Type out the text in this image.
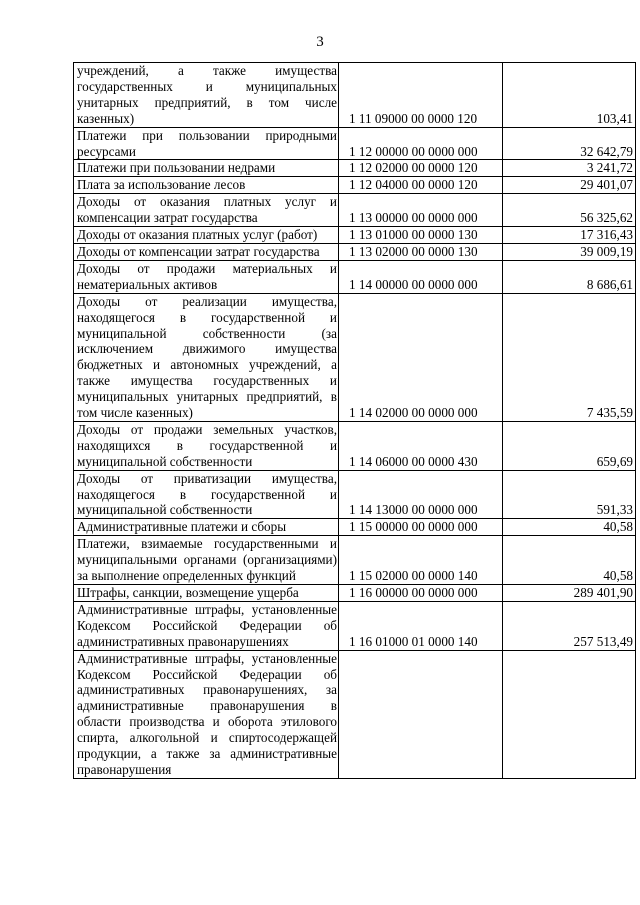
3
учреждений, а также имущества государственных и муниципальных унитарных предприятий, в том числе казенных)	1 11 09000 00 0000 120	103,41
Платежи при пользовании природными ресурсами	1 12 00000 00 0000 000	32 642,79
Платежи при пользовании недрами	1 12 02000 00 0000 120	3 241,72
Плата за использование лесов	1 12 04000 00 0000 120	29 401,07
Доходы от оказания платных услуг и компенсации затрат государства	1 13 00000 00 0000 000	56 325,62
Доходы от оказания платных услуг (работ)	1 13 01000 00 0000 130	17 316,43
Доходы от компенсации затрат государства	1 13 02000 00 0000 130	39 009,19
Доходы от продажи материальных и нематериальных активов	1 14 00000 00 0000 000	8 686,61
Доходы от реализации имущества, находящегося в государственной и муниципальной собственности (за исключением движимого имущества бюджетных и автономных учреждений, а также имущества государственных и муниципальных унитарных предприятий, в том числе казенных)	1 14 02000 00 0000 000	7 435,59
Доходы от продажи земельных участков, находящихся в государственной и муниципальной собственности	1 14 06000 00 0000 430	659,69
Доходы от приватизации имущества, находящегося в государственной и муниципальной собственности	1 14 13000 00 0000 000	591,33
Административные платежи и сборы	1 15 00000 00 0000 000	40,58
Платежи, взимаемые государственными и муниципальными органами (организациями) за выполнение определенных функций	1 15 02000 00 0000 140	40,58
Штрафы, санкции, возмещение ущерба	1 16 00000 00 0000 000	289 401,90
Административные штрафы, установленные Кодексом Российской Федерации об административных правонарушениях	1 16 01000 01 0000 140	257 513,49
Административные штрафы, установленные Кодексом Российской Федерации об административных правонарушениях, за административные правонарушения в области производства и оборота этилового спирта, алкогольной и спиртосодержащей продукции, а также за административные правонарушения		
